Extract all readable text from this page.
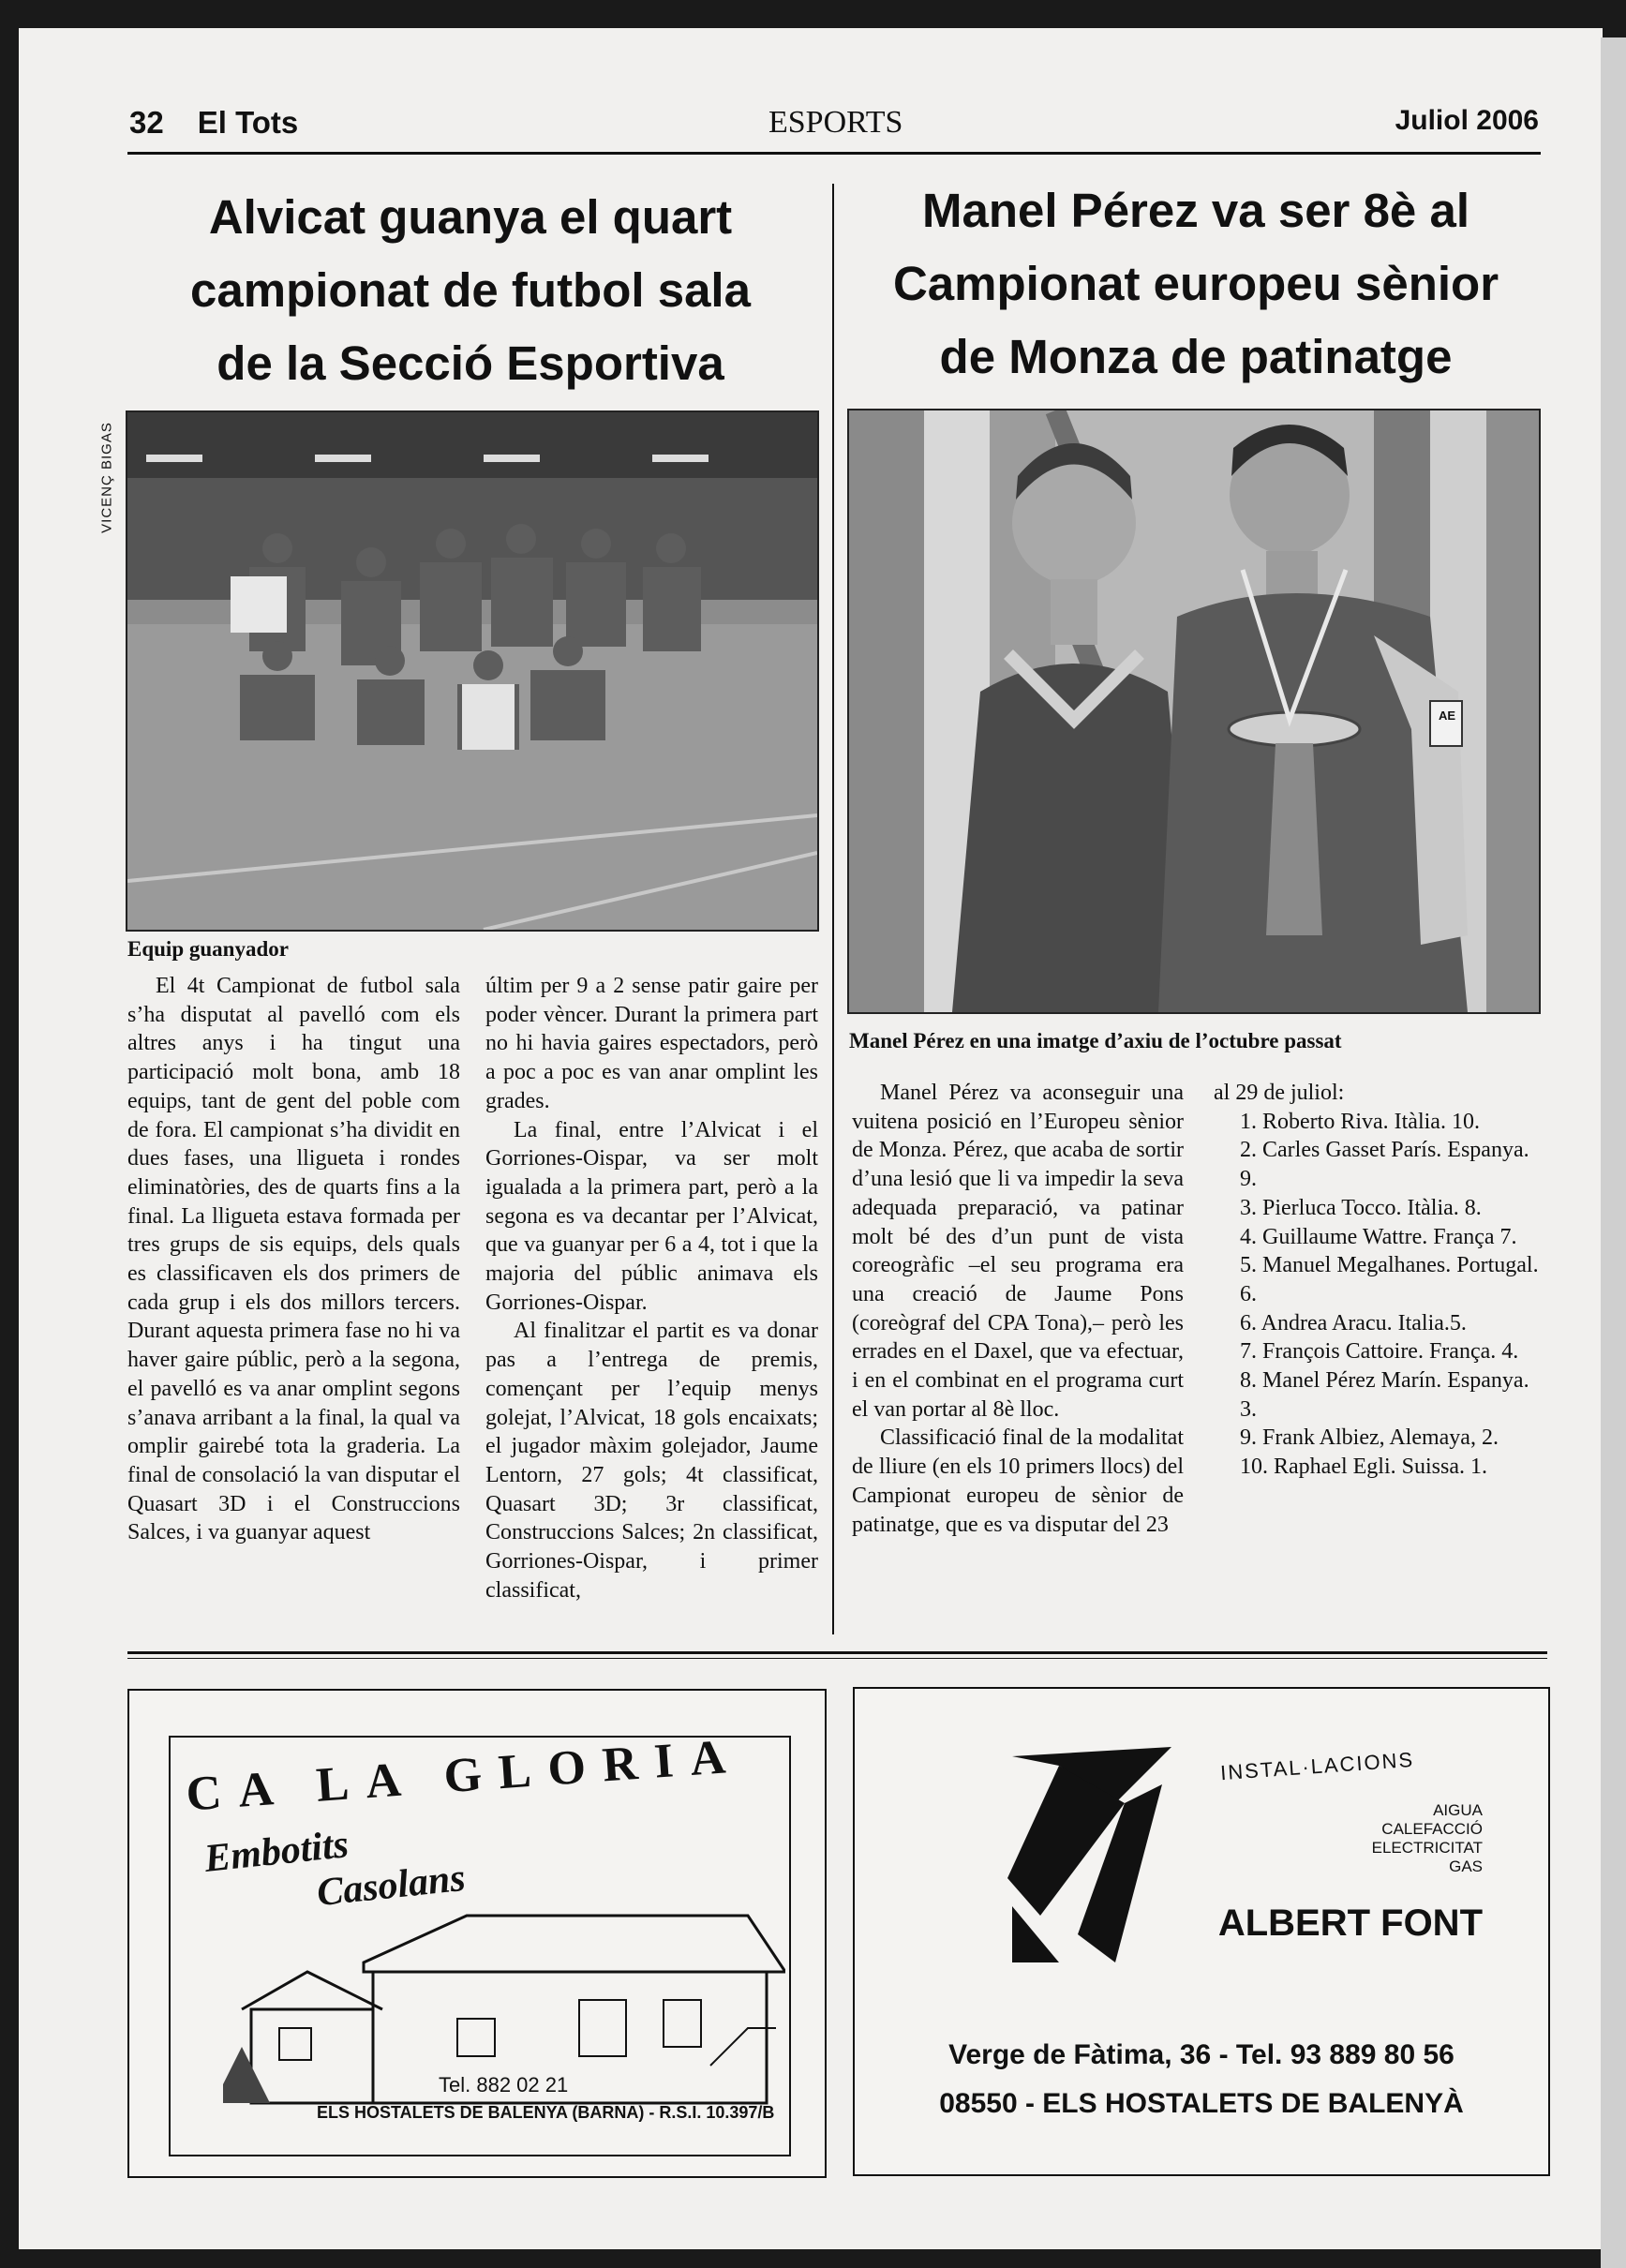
32 El Tots	ESPORTS	Juliol 2006
VICENÇ BIGAS
Alvicat guanya el quart
campionat de futbol sala
de la Secció Esportiva
Equip guanyador

El 4t Campionat de futbol sala s’ha disputat al pavelló com els altres anys i ha tingut una participació molt bona, amb 18 equips, tant de gent del poble com de fora. El campionat s’ha dividit en dues fases, una lligueta i rondes eliminatòries, des de quarts fins a la final. La lligueta estava formada per tres grups de sis equips, dels quals es classificaven els dos primers de cada grup i els dos millors tercers. Durant aquesta primera fase no hi va haver gaire públic, però a la segona, el pavelló es va anar omplint segons s’anava arribant a la final, la qual va omplir gairebé tota la graderia. La final de consolació la van disputar el Quasart 3D i el Construccions Salces, i va guanyar aquest

últim per 9 a 2 sense patir gaire per poder vèncer. Durant la primera part no hi havia gaires espectadors, però a poc a poc es van anar omplint les grades.

La final, entre l’Alvicat i el Gorriones-Oispar, va ser molt igualada a la primera part, però a la segona es va decantar per l’Alvicat, que va guanyar per 6 a 4, tot i que la majoria del públic animava els Gorriones-Oispar.

Al finalitzar el partit es va donar pas a l’entrega de premis, començant per l’equip menys golejat, l’Alvicat, 18 gols encaixats; el jugador màxim golejador, Jaume Lentorn, 27 gols; 4t classificat, Quasart 3D; 3r classificat, Construccions Salces; 2n classificat, Gorriones-Oispar, i primer classificat,

Manel Pérez va ser 8è al
Campionat europeu sènior
de Monza de patinatge
AE
Manel Pérez en una imatge d’axiu de l’octubre passat

Manel Pérez va aconseguir una vuitena posició en l’Europeu sènior de Monza. Pérez, que acaba de sortir d’una lesió que li va impedir la seva adequada preparació, va patinar molt bé des d’un punt de vista coreogràfic –el seu programa era una creació de Jaume Pons (coreògraf del CPA Tona),– però les errades en el Daxel, que va efectuar, i en el combinat en el programa curt el van portar al 8è lloc.

Classificació final de la modalitat de lliure (en els 10 primers llocs) del Campionat europeu de sènior de patinatge, que es va disputar del 23

al 29 de juliol:

1. Roberto Riva. Itàlia. 10.
2. Carles Gasset París. Espanya. 9.
3. Pierluca Tocco. Itàlia. 8.
4. Guillaume Wattre. França 7.
5. Manuel Megalhanes. Portugal. 6.
6. Andrea Aracu. Italia.5.
7. François Cattoire. França. 4.
8. Manel Pérez Marín. Espanya. 3.
9. Frank Albiez, Alemaya, 2.
10. Raphael Egli. Suissa. 1.
CA LA GLORIA
Embotits
Casolans
Tel. 882 02 21
ELS HOSTALETS DE BALENYA (BARNA) - R.S.I. 10.397/B
INSTAL·LACIONS
AIGUA
CALEFACCIÓ
ELECTRICITAT
GAS
ALBERT FONT
Verge de Fàtima, 36 - Tel. 93 889 80 56
08550 - ELS HOSTALETS DE BALENYÀ
